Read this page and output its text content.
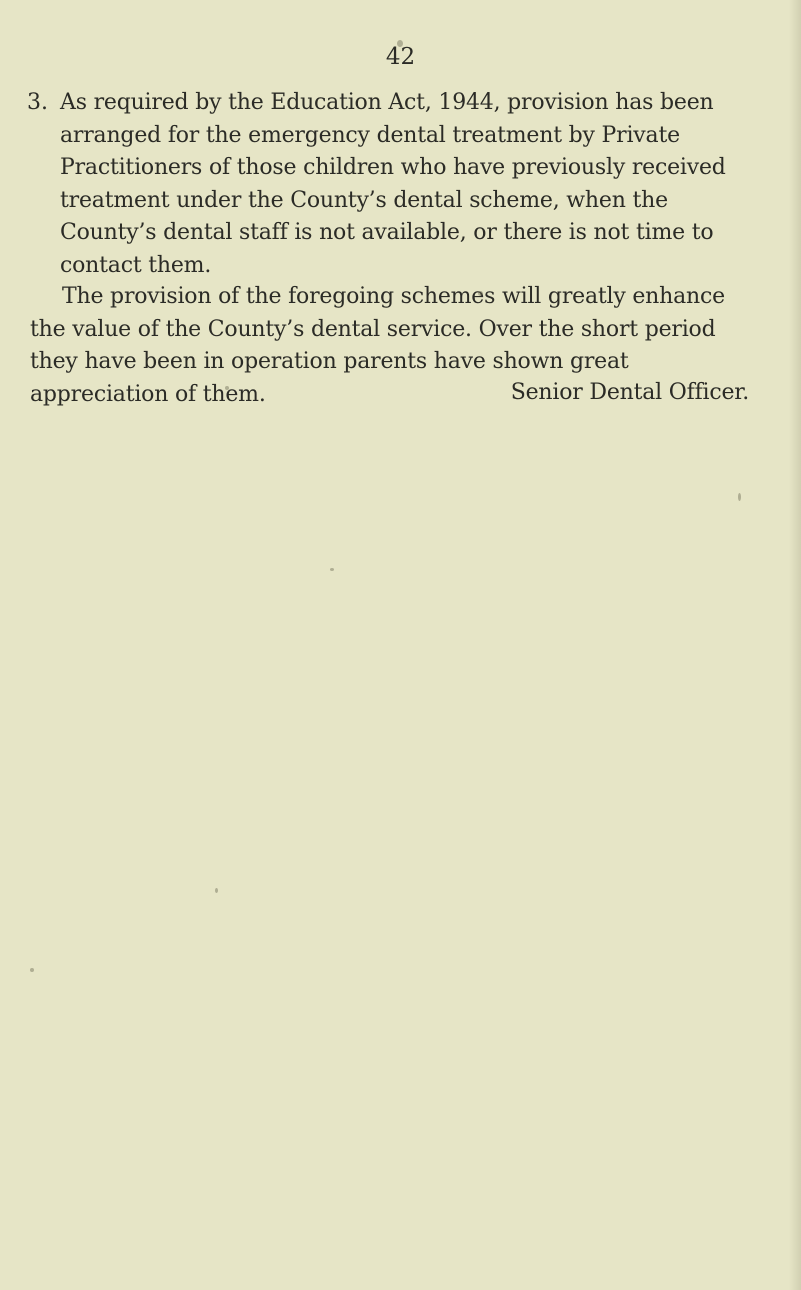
42
3. As required by the Education Act, 1944, provision has been arranged for the emergency dental treatment by Private Practitioners of those children who have previously received treatment under the County’s dental scheme, when the County’s dental staff is not available, or there is not time to contact them.

The provision of the foregoing schemes will greatly enhance the value of the County’s dental service. Over the short period they have been in operation parents have shown great appreciation of them.	Senior Dental Officer.
